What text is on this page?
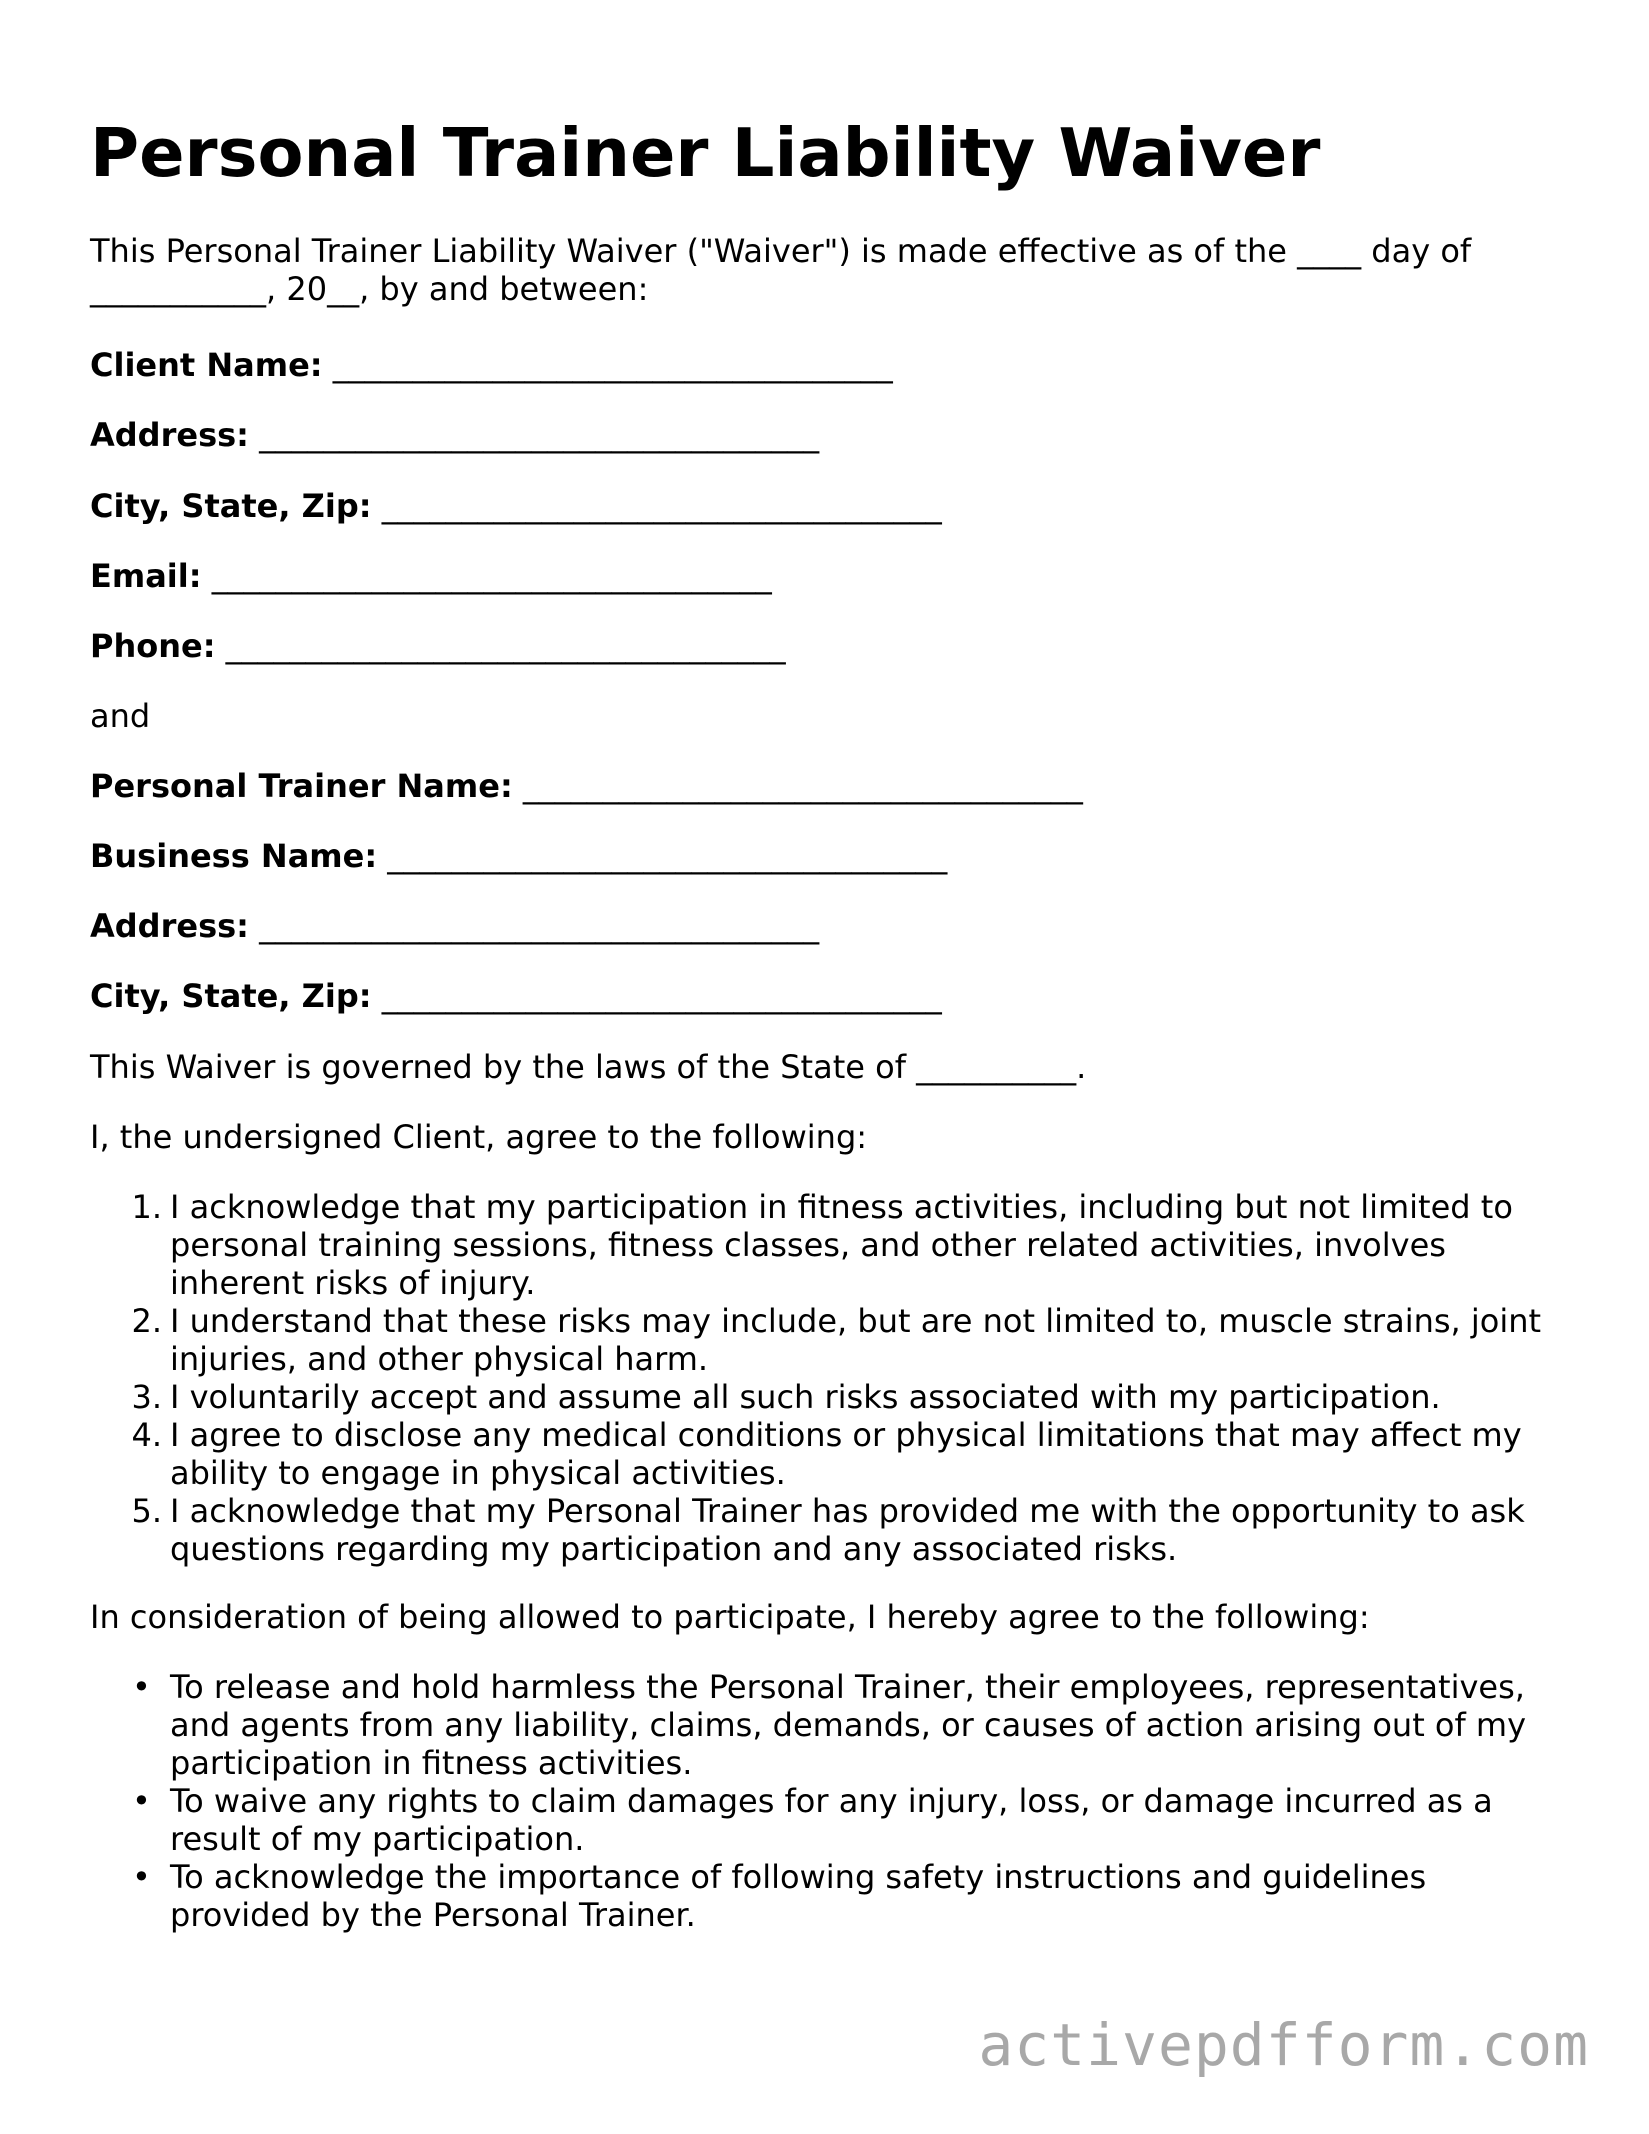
Personal Trainer Liability Waiver

This Personal Trainer Liability Waiver ("Waiver") is made effective as of the ____ day of ___________, 20__, by and between:

Client Name: ___________________________________

Address: ___________________________________

City, State, Zip: ___________________________________

Email: ___________________________________

Phone: ___________________________________

and

Personal Trainer Name: ___________________________________

Business Name: ___________________________________

Address: ___________________________________

City, State, Zip: ___________________________________

This Waiver is governed by the laws of the State of __________.

I, the undersigned Client, agree to the following:

1. I acknowledge that my participation in fitness activities, including but not limited to personal training sessions, fitness classes, and other related activities, involves inherent risks of injury.
2. I understand that these risks may include, but are not limited to, muscle strains, joint injuries, and other physical harm.
3. I voluntarily accept and assume all such risks associated with my participation.
4. I agree to disclose any medical conditions or physical limitations that may affect my ability to engage in physical activities.
5. I acknowledge that my Personal Trainer has provided me with the opportunity to ask questions regarding my participation and any associated risks.

In consideration of being allowed to participate, I hereby agree to the following:

• To release and hold harmless the Personal Trainer, their employees, representatives, and agents from any liability, claims, demands, or causes of action arising out of my participation in fitness activities.
• To waive any rights to claim damages for any injury, loss, or damage incurred as a result of my participation.
• To acknowledge the importance of following safety instructions and guidelines provided by the Personal Trainer.
activepdfform.com
